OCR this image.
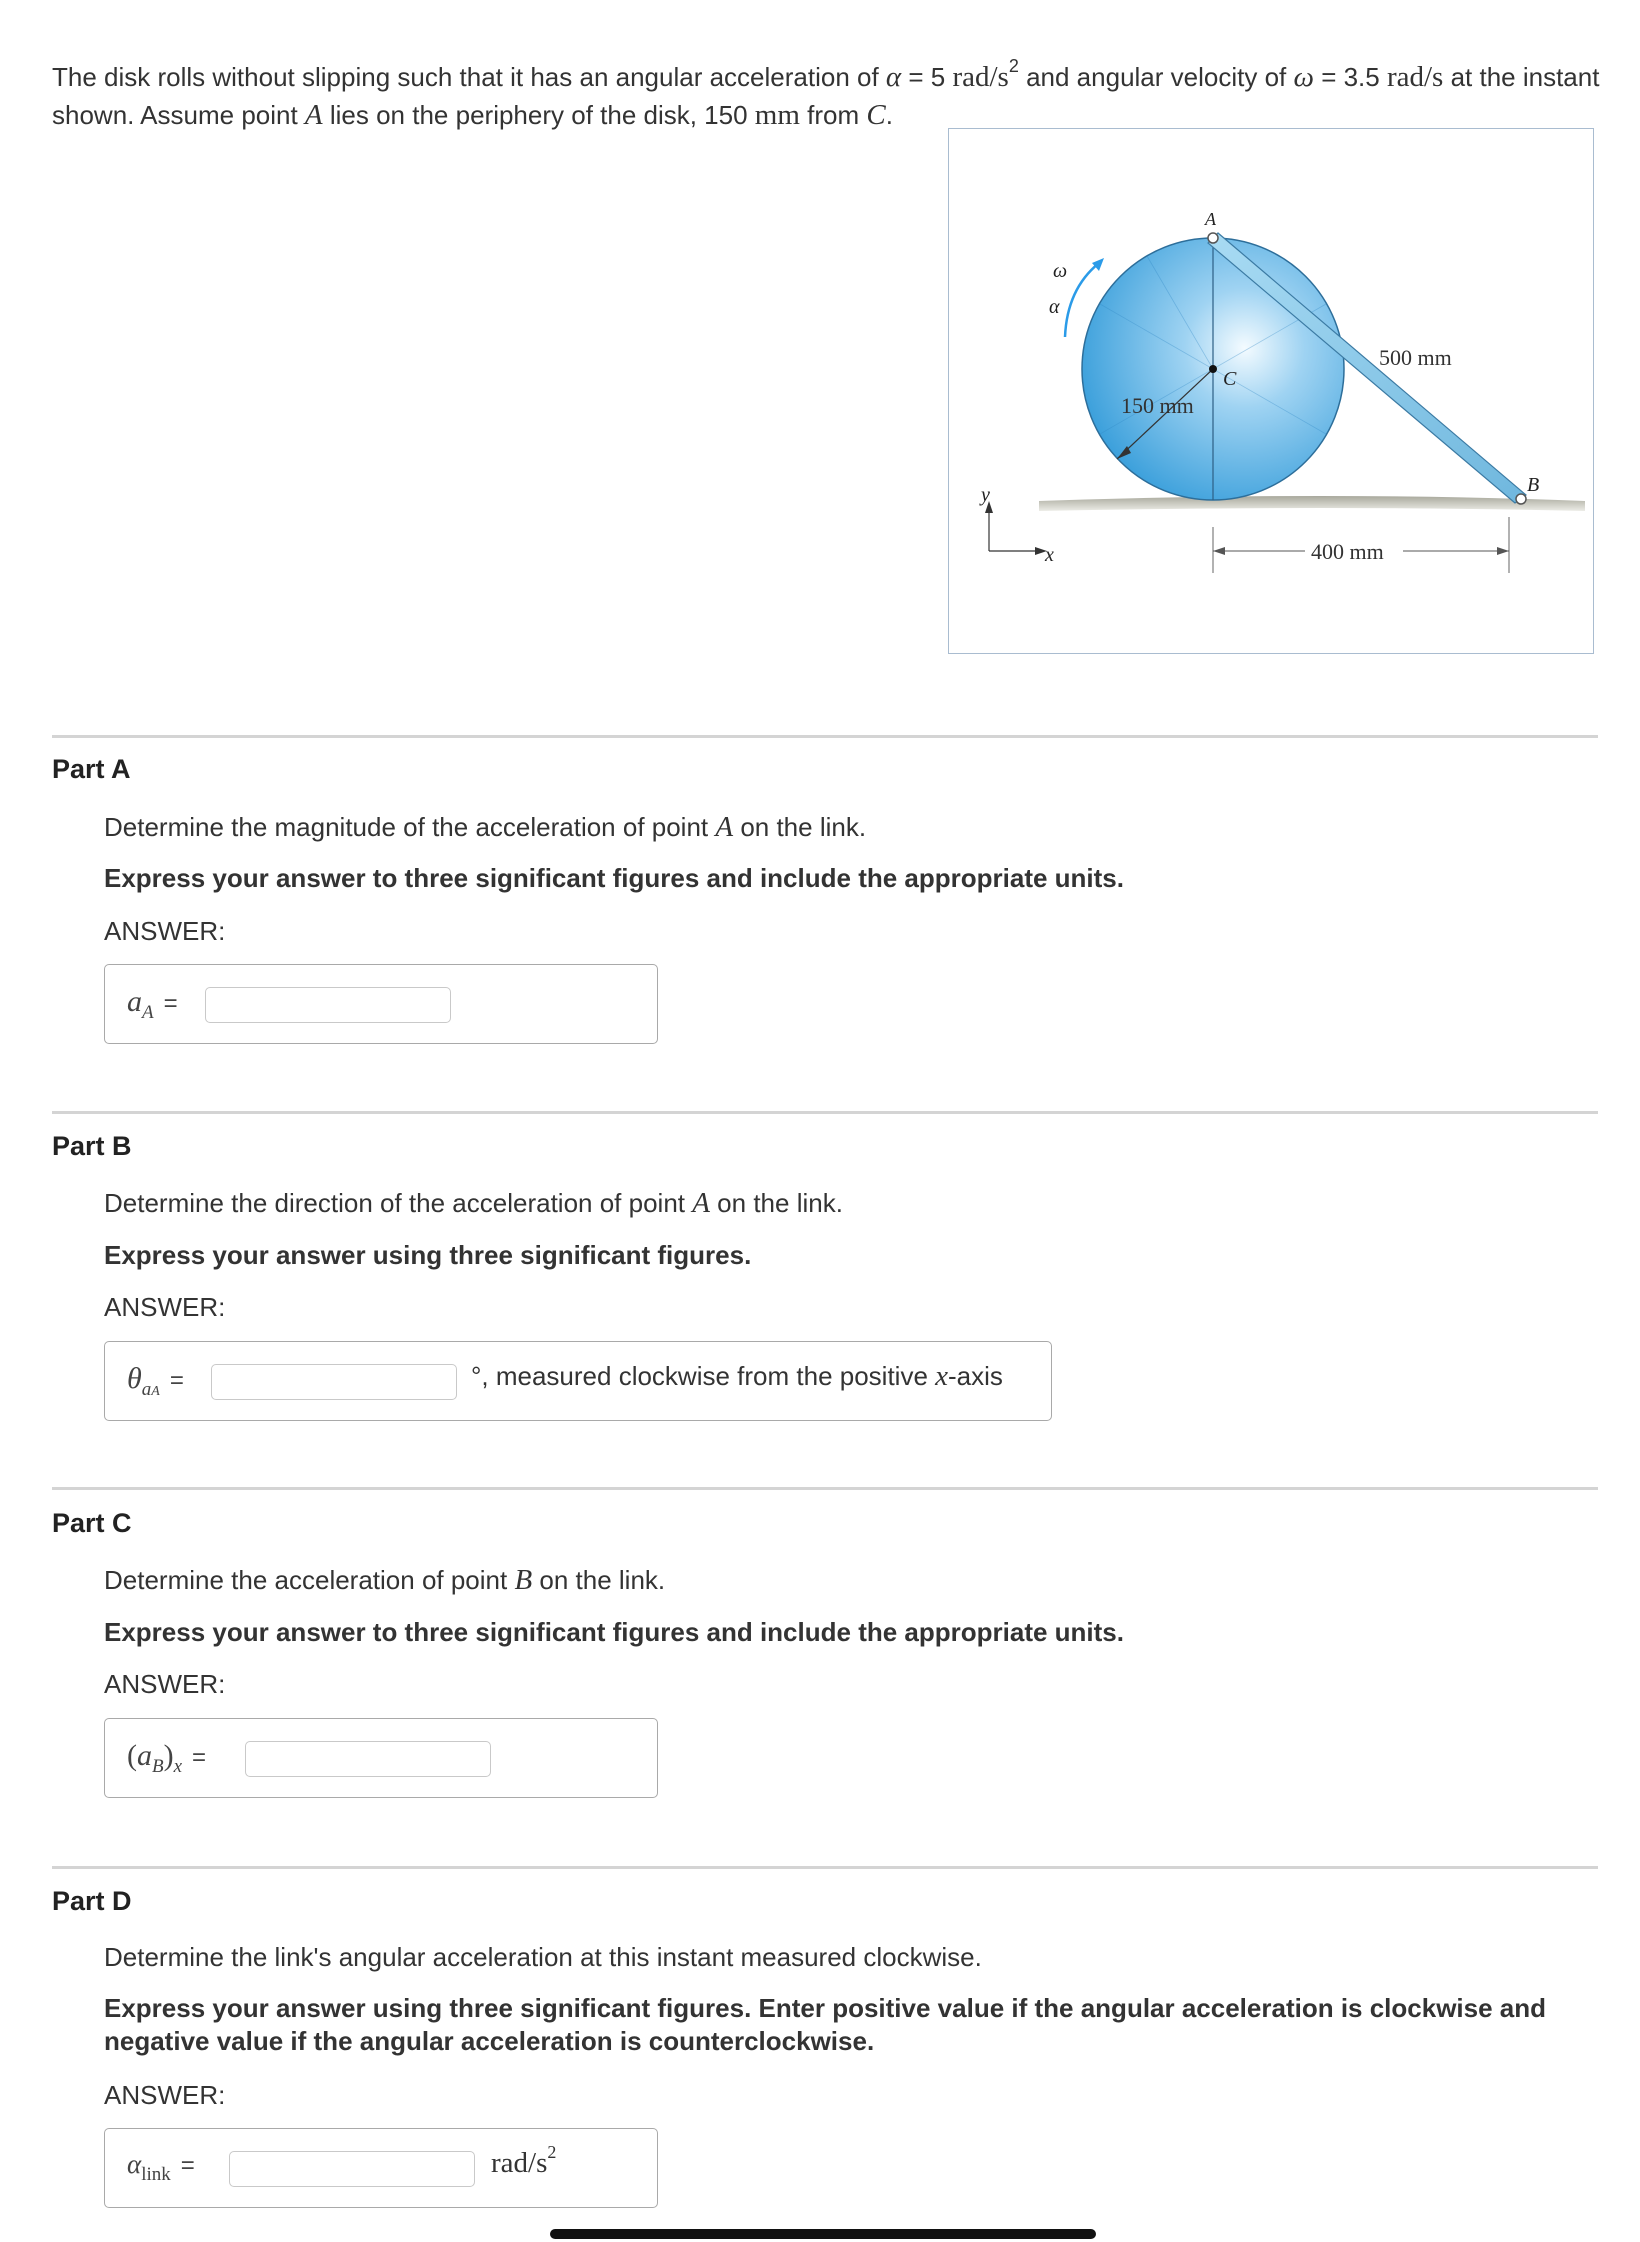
The disk rolls without slipping such that it has an angular acceleration of α = 5 rad/$s^2$ and angular velocity of ω = 3.5 rad/s at the instant shown. Assume point A lies on the periphery of the disk, 150 mm from C.
150 mm
A
C
B
500 mm
ω
α
y
x	400 mm
Part A
Determine the magnitude of the acceleration of point A on the link.
Express your answer to three significant figures and include the appropriate units.
ANSWER:
$a_A$ =
Part B
Determine the direction of the acceleration of point A on the link.
Express your answer using three significant figures.
ANSWER:
$\theta_{aA}$ =	°, measured clockwise from the positive x-axis
Part C
Determine the acceleration of point B on the link.
Express your answer to three significant figures and include the appropriate units.
ANSWER:
$(a_B)_x$ =
Part D
Determine the link's angular acceleration at this instant measured clockwise.
Express your answer using three significant figures. Enter positive value if the angular acceleration is clockwise and negative value if the angular acceleration is counterclockwise.
ANSWER:
$\alpha_{link}$ =	rad/$s^2$
